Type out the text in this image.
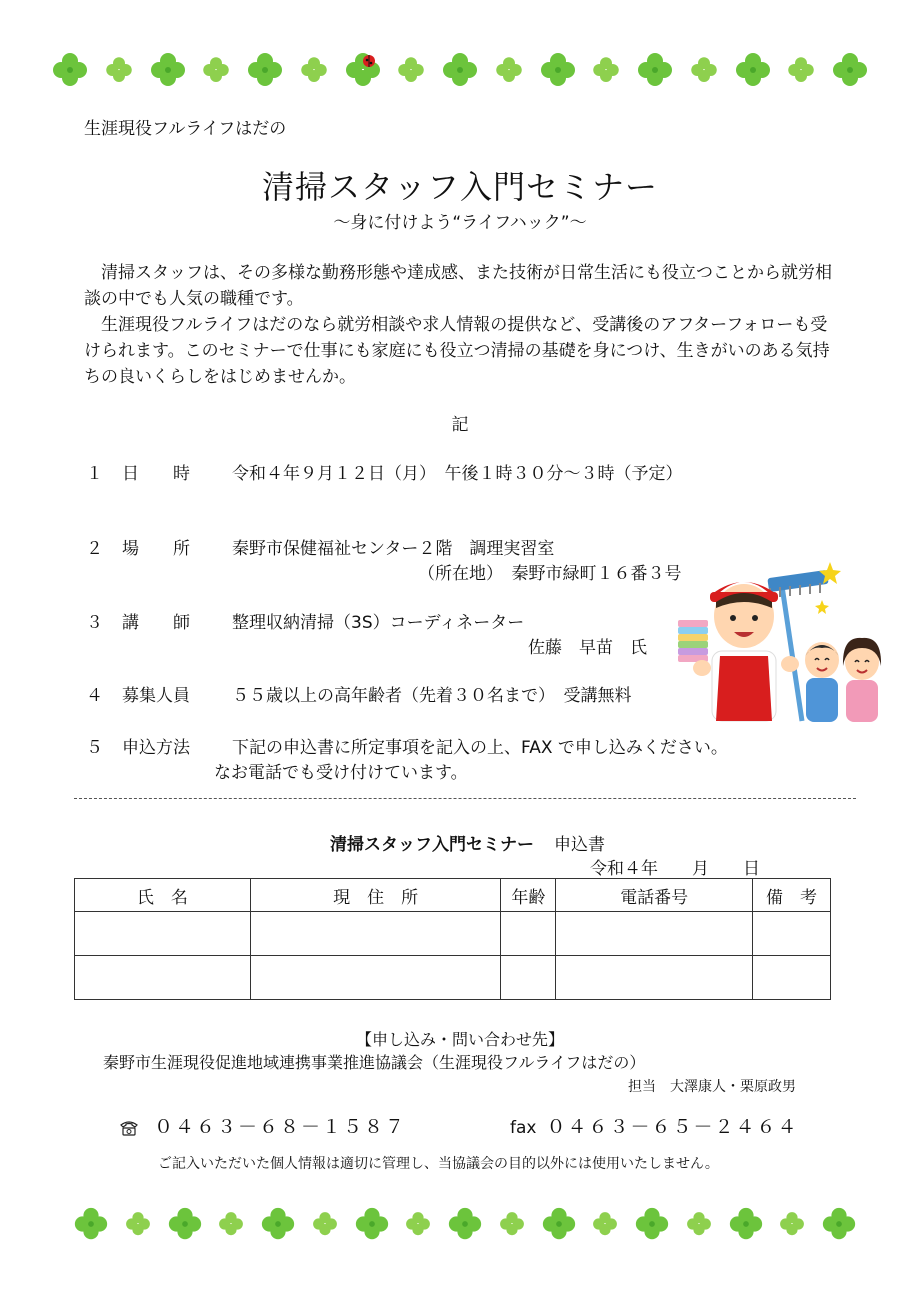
生涯現役フルライフはだの
清掃スタッフ入門セミナー
～身に付けよう“ライフハック”～

清掃スタッフは、その多様な勤務形態や達成感、また技術が日常生活にも役立つことから就労相談の中でも人気の職種です。

生涯現役フルライフはだのなら就労相談や求人情報の提供など、受講後のアフターフォローも受けられます。このセミナーで仕事にも家庭にも役立つ清掃の基礎を身につけ、生きがいのある気持ちの良いくらしをはじめませんか。

記
１ 日　　時 令和４年９月１２日（月）　午後１時３０分～３時（予定）
２ 場　　所 秦野市保健福祉センター２階　調理実習室
（所在地）　秦野市緑町１６番３号
３ 講　　師 整理収納清掃（3S）コーディネーター
佐藤　早苗　氏
４ 募集人員 ５５歳以上の高年齢者（先着３０名まで）　受講無料
５ 申込方法 下記の申込書に所定事項を記入の上、FAX で申し込みください。
なお電話でも受け付けています。
清掃スタッフ入門セミナー 申込書
令和４年　　月　　日
氏　名	現　住　所	年齢	電話番号	備　考

【申し込み・問い合わせ先】
秦野市生涯現役促進地域連携事業推進協議会（生涯現役フルライフはだの）
担当　大澤康人・栗原政男
０４６３－６８－１５８７	fax ０４６３－６５－２４６４
ご記入いただいた個人情報は適切に管理し、当協議会の目的以外には使用いたしません。
